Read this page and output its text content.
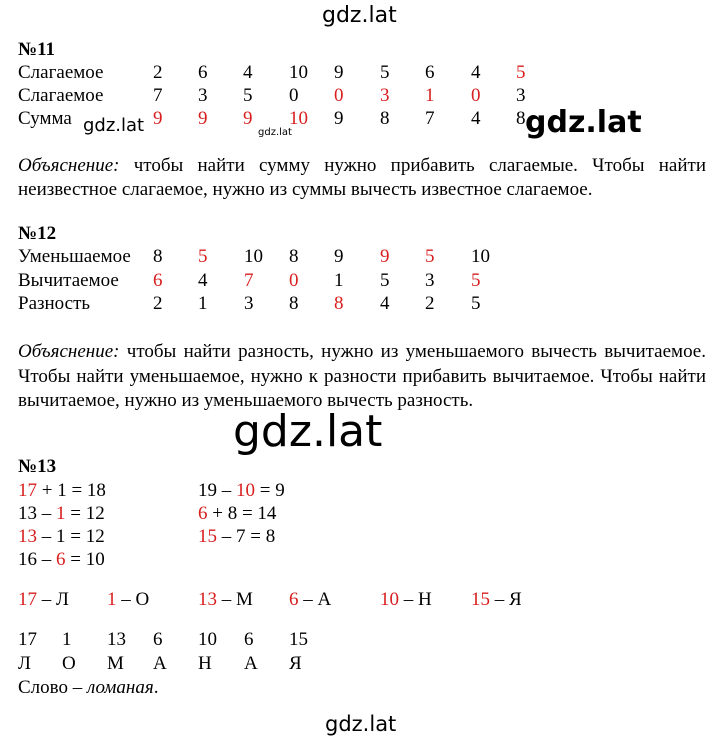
gdz.lat
gdz.lat	gdz.lat	gdz.lat
gdz.lat
gdz.lat
№11
Слагаемое	2 6 4 10 9 5 6 4 5
Слагаемое	7 3 5 0 0 3 1 0 3
Сумма	9 9 9 10 9 8 7 4 8
Объяснение: чтобы найти сумму нужно прибавить слагаемые. Чтобы найти неизвестное слагаемое, нужно из суммы вычесть известное слагаемое.
№12
Уменьшаемое 8 5 10 8 9 9 5 10
Вычитаемое 6 4 7 0 1 5 3 5
Разность	2 1 3 8 8 4 2 5
Объяснение: чтобы найти разность, нужно из уменьшаемого вычесть вычитаемое. Чтобы найти уменьшаемое, нужно к разности прибавить вычитаемое. Чтобы найти вычитаемое, нужно из уменьшаемого вычесть разность.
№13
17 + 1 = 18
13 – 1 = 12
13 – 1 = 12
16 – 6 = 10
19 – 10 = 9
6 + 8 = 14
15 – 7 = 8
17 – Л 1 – О	13 – М 6 – А	10 – Н 15 – Я
17 1 13 6 10 6 15
Л О М А Н А Я
Слово – ломаная.
